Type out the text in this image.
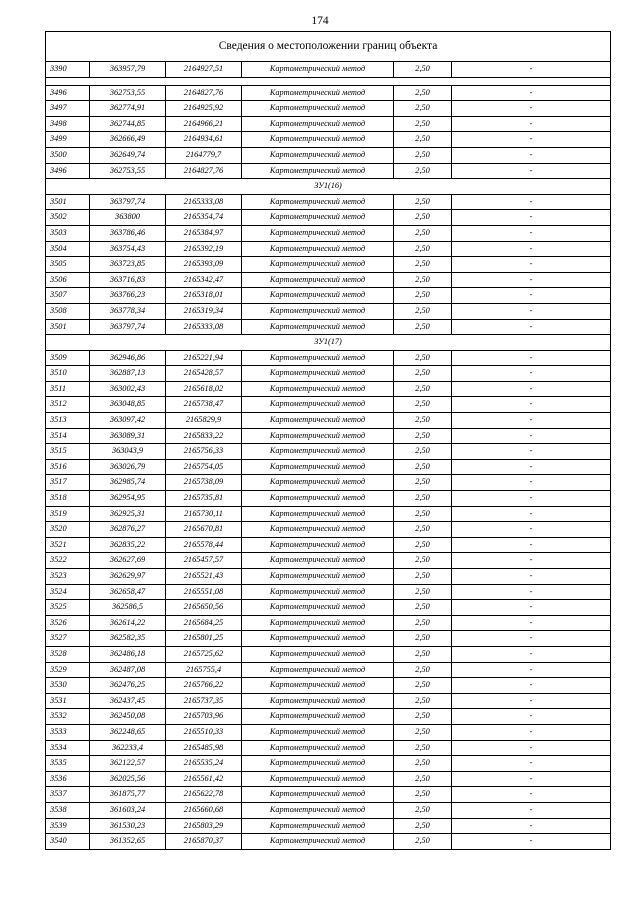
174
Сведения о местоположении границ объекта					
3390	363957,79	2164927,51	Картометрический метод	2,50	-

3496	362753,55	2164827,76	Картометрический метод	2,50	-
3497	362774,91	2164925,92	Картометрический метод	2,50	-
3498	362744,85	2164966,21	Картометрический метод	2,50	-
3499	362666,49	2164934,61	Картометрический метод	2,50	-
3500	362649,74	2164779,7	Картометрический метод	2,50	-
3496	362753,55	2164827,76	Картометрический метод	2,50	-
ЗУ1(16)					
3501	363797,74	2165333,08	Картометрический метод	2,50	-
3502	363800	2165354,74	Картометрический метод	2,50	-
3503	363786,46	2165384,97	Картометрический метод	2,50	-
3504	363754,43	2165392,19	Картометрический метод	2,50	-
3505	363723,85	2165393,09	Картометрический метод	2,50	-
3506	363716,83	2165342,47	Картометрический метод	2,50	-
3507	363766,23	2165318,01	Картометрический метод	2,50	-
3508	363778,34	2165319,34	Картометрический метод	2,50	-
3501	363797,74	2165333,08	Картометрический метод	2,50	-
ЗУ1(17)					
3509	362946,86	2165221,94	Картометрический метод	2,50	-
3510	362887,13	2165428,57	Картометрический метод	2,50	-
3511	363002,43	2165618,02	Картометрический метод	2,50	-
3512	363048,85	2165738,47	Картометрический метод	2,50	-
3513	363097,42	2165829,9	Картометрический метод	2,50	-
3514	363089,31	2165833,22	Картометрический метод	2,50	-
3515	363043,9	2165756,33	Картометрический метод	2,50	-
3516	363026,79	2165754,05	Картометрический метод	2,50	-
3517	362985,74	2165738,09	Картометрический метод	2,50	-
3518	362954,95	2165735,81	Картометрический метод	2,50	-
3519	362925,31	2165730,11	Картометрический метод	2,50	-
3520	362876,27	2165670,81	Картометрический метод	2,50	-
3521	362835,22	2165578,44	Картометрический метод	2,50	-
3522	362627,69	2165457,57	Картометрический метод	2,50	-
3523	362629,97	2165521,43	Картометрический метод	2,50	-
3524	362658,47	2165551,08	Картометрический метод	2,50	-
3525	362586,5	2165650,56	Картометрический метод	2,50	-
3526	362614,22	2165684,25	Картометрический метод	2,50	-
3527	362582,35	2165801,25	Картометрический метод	2,50	-
3528	362486,18	2165725,62	Картометрический метод	2,50	-
3529	362487,08	2165755,4	Картометрический метод	2,50	-
3530	362476,25	2165766,22	Картометрический метод	2,50	-
3531	362437,45	2165737,35	Картометрический метод	2,50	-
3532	362450,08	2165703,96	Картометрический метод	2,50	-
3533	362248,65	2165510,33	Картометрический метод	2,50	-
3534	362233,4	2165485,98	Картометрический метод	2,50	-
3535	362122,57	2165535,24	Картометрический метод	2,50	-
3536	362025,56	2165561,42	Картометрический метод	2,50	-
3537	361875,77	2165622,78	Картометрический метод	2,50	-
3538	361603,24	2165660,68	Картометрический метод	2,50	-
3539	361530,23	2165803,29	Картометрический метод	2,50	-
3540	361352,65	2165870,37	Картометрический метод	2,50	-
